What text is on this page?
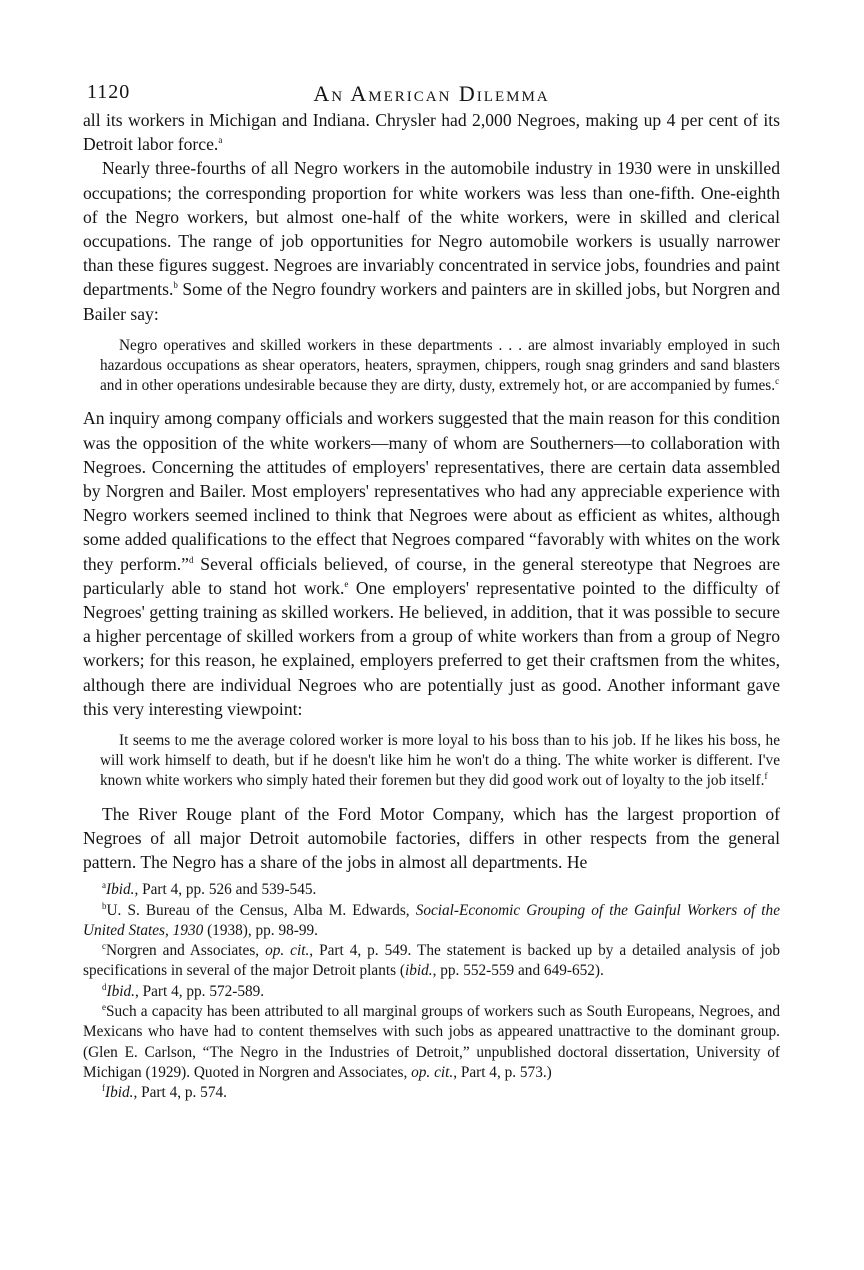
1120	An American Dilemma

all its workers in Michigan and Indiana. Chrysler had 2,000 Negroes, making up 4 per cent of its Detroit labor force.$^a$

Nearly three-fourths of all Negro workers in the automobile industry in 1930 were in unskilled occupations; the corresponding proportion for white workers was less than one-fifth. One-eighth of the Negro workers, but almost one-half of the white workers, were in skilled and clerical occupations. The range of job opportunities for Negro automobile workers is usually narrower than these figures suggest. Negroes are invariably concentrated in service jobs, foundries and paint departments.$^b$ Some of the Negro foundry workers and painters are in skilled jobs, but Norgren and Bailer say:

Negro operatives and skilled workers in these departments . . . are almost invariably employed in such hazardous occupations as shear operators, heaters, spraymen, chippers, rough snag grinders and sand blasters and in other operations undesirable because they are dirty, dusty, extremely hot, or are accompanied by fumes.$^c$

An inquiry among company officials and workers suggested that the main reason for this condition was the opposition of the white workers—many of whom are Southerners—to collaboration with Negroes. Concerning the attitudes of employers' representatives, there are certain data assembled by Norgren and Bailer. Most employers' representatives who had any appreciable experience with Negro workers seemed inclined to think that Negroes were about as efficient as whites, although some added qualifications to the effect that Negroes compared “favorably with whites on the work they perform.”$^d$ Several officials believed, of course, in the general stereotype that Negroes are particularly able to stand hot work.$^e$ One employers' representative pointed to the difficulty of Negroes' getting training as skilled workers. He believed, in addition, that it was possible to secure a higher percentage of skilled workers from a group of white workers than from a group of Negro workers; for this reason, he explained, employers preferred to get their craftsmen from the whites, although there are individual Negroes who are potentially just as good. Another informant gave this very interesting viewpoint:

It seems to me the average colored worker is more loyal to his boss than to his job. If he likes his boss, he will work himself to death, but if he doesn't like him he won't do a thing. The white worker is different. I've known white workers who simply hated their foremen but they did good work out of loyalty to the job itself.$^f$

The River Rouge plant of the Ford Motor Company, which has the largest proportion of Negroes of all major Detroit automobile factories, differs in other respects from the general pattern. The Negro has a share of the jobs in almost all departments. He

$^a$Ibid., Part 4, pp. 526 and 539-545.

$^b$U. S. Bureau of the Census, Alba M. Edwards, Social-Economic Grouping of the Gainful Workers of the United States, 1930 (1938), pp. 98-99.

$^c$Norgren and Associates, op. cit., Part 4, p. 549. The statement is backed up by a detailed analysis of job specifications in several of the major Detroit plants (ibid., pp. 552-559 and 649-652).

$^d$Ibid., Part 4, pp. 572-589.

$^e$Such a capacity has been attributed to all marginal groups of workers such as South Europeans, Negroes, and Mexicans who have had to content themselves with such jobs as appeared unattractive to the dominant group. (Glen E. Carlson, “The Negro in the Industries of Detroit,” unpublished doctoral dissertation, University of Michigan (1929). Quoted in Norgren and Associates, op. cit., Part 4, p. 573.)

$^f$Ibid., Part 4, p. 574.
